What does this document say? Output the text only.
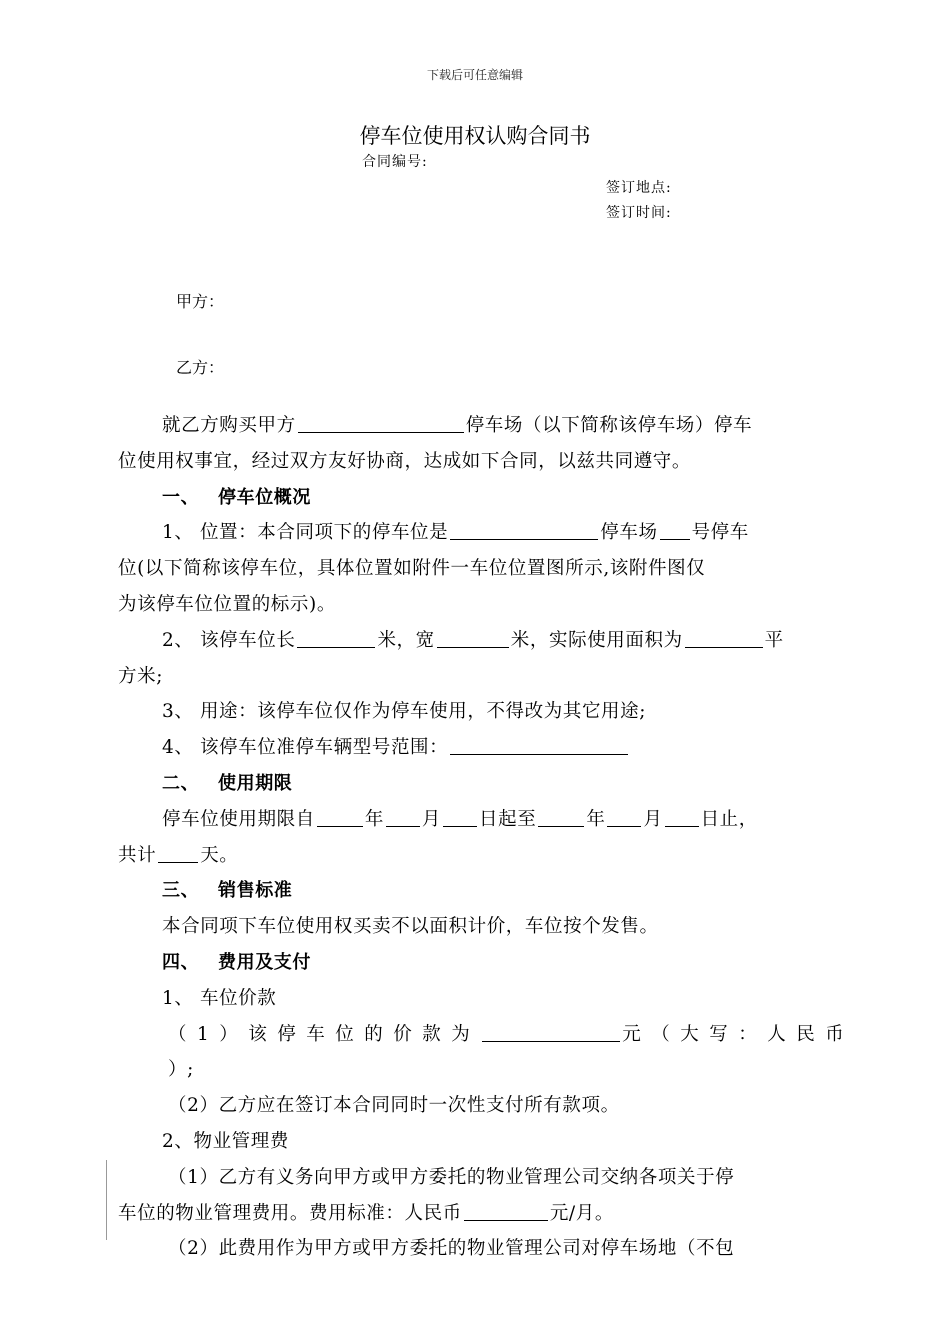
下载后可任意编辑
停车位使用权认购合同书
合同编号:
签订地点:
签订时间:
甲方：
乙方：
就乙方购买甲方	停车场（以下简称该停车场）停车
位使用权事宜，经过双方友好协商，达成如下合同，以兹共同遵守。
一、 停车位概况
1、 位置：本合同项下的停车位是	停车场 号停车
位(以下简称该停车位，具体位置如附件一车位位置图所示,该附件图仅
为该停车位位置的标示)。
2、 该停车位长	米，宽	米，实际使用面积为	平
方米;
3、 用途：该停车位仅作为停车使用，不得改为其它用途;
4、 该停车位准停车辆型号范围：
二、 使用期限
停车位使用期限自	年 月 日起至	年 月 日止，
共计 天。
三、 销售标准
本合同项下车位使用权买卖不以面积计价，车位按个发售。
四、 费用及支付
1、 车位价款
（1）该停车位的价款为	元（大写：人民币
）;
（2）乙方应在签订本合同同时一次性支付所有款项。
2、物业管理费
（1）乙方有义务向甲方或甲方委托的物业管理公司交纳各项关于停
车位的物业管理费用。费用标准：人民币	元/月。
（2）此费用作为甲方或甲方委托的物业管理公司对停车场地（不包
